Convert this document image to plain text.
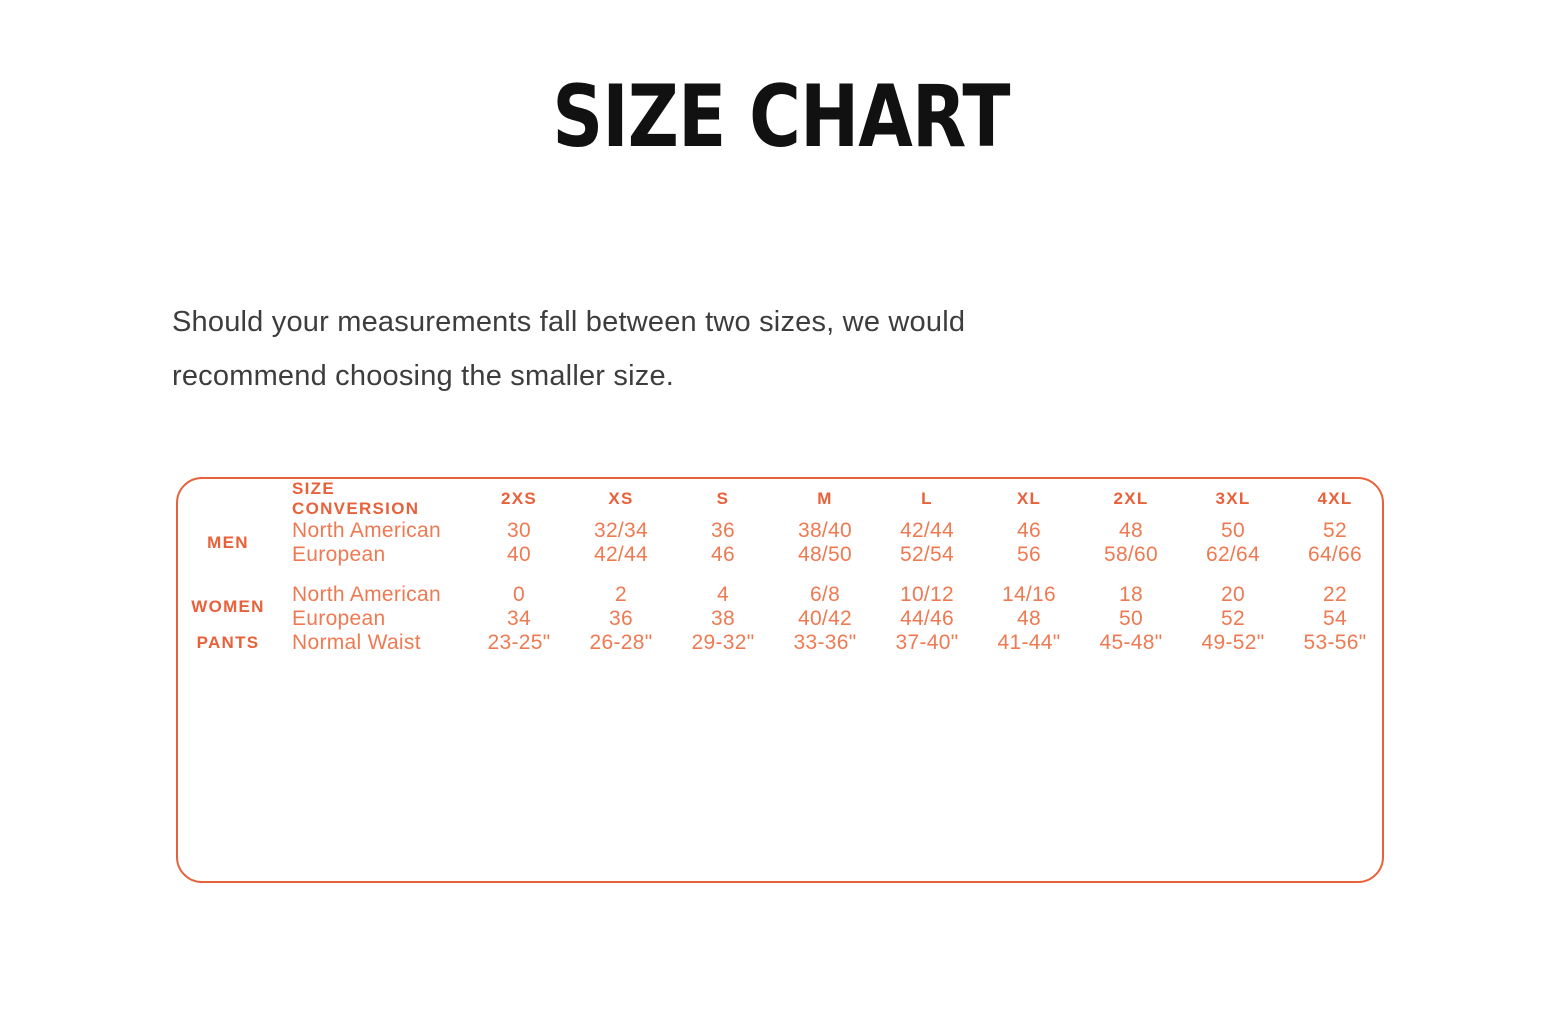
SIZE CHART
Should your measurements fall between two sizes, we would
recommend choosing the smaller size.
	SIZE CONVERSION	2XS	XS	S	M	L	XL	2XL	3XL	4XL
MEN	North American	30	32/34	36	38/40	42/44	46	48	50	52
	European	40	42/44	46	48/50	52/54	56	58/60	62/64	64/66

WOMEN	North American	0	2	4	6/8	10/12	14/16	18	20	22
	European	34	36	38	40/42	44/46	48	50	52	54
PANTS	Normal Waist	23-25"	26-28"	29-32"	33-36"	37-40"	41-44"	45-48"	49-52"	53-56"
